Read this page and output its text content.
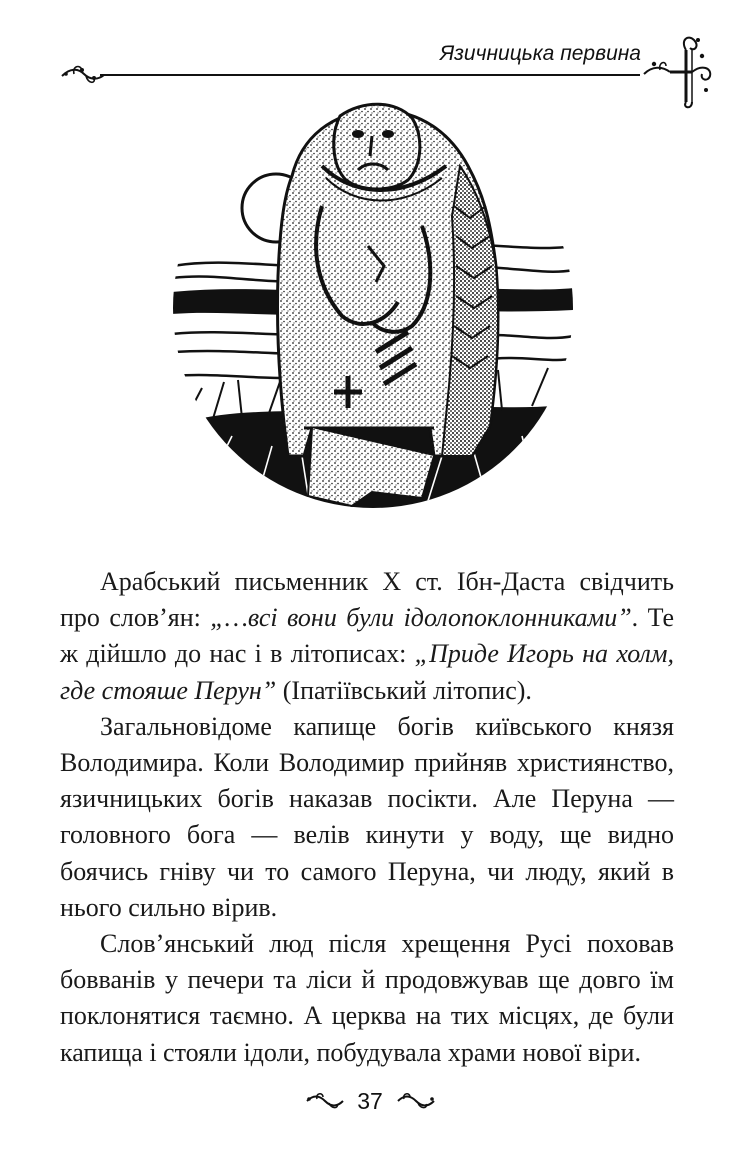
Язичницька первина

Арабський письменник X ст. Ібн-Даста свідчить про слов’ян: „…всі вони були ідолопоклонниками”. Те ж дійшло до нас і в літописах: „Приде Игорь на холм, где стояше Перун” (Іпатіївський літопис).

Загальновідоме капище богів київського князя Володимира. Коли Володимир прийняв християнство, язичницьких богів наказав посікти. Але Перуна — головного бога — велів кинути у воду, ще видно боячись гніву чи то самого Перуна, чи люду, який в нього сильно вірив.

Слов’янський люд після хрещення Русі поховав бовванів у печери та ліси й продовжував ще довго їм поклонятися таємно. А церква на тих місцях, де були капища і стояли ідоли, побудувала храми нової віри.

37
